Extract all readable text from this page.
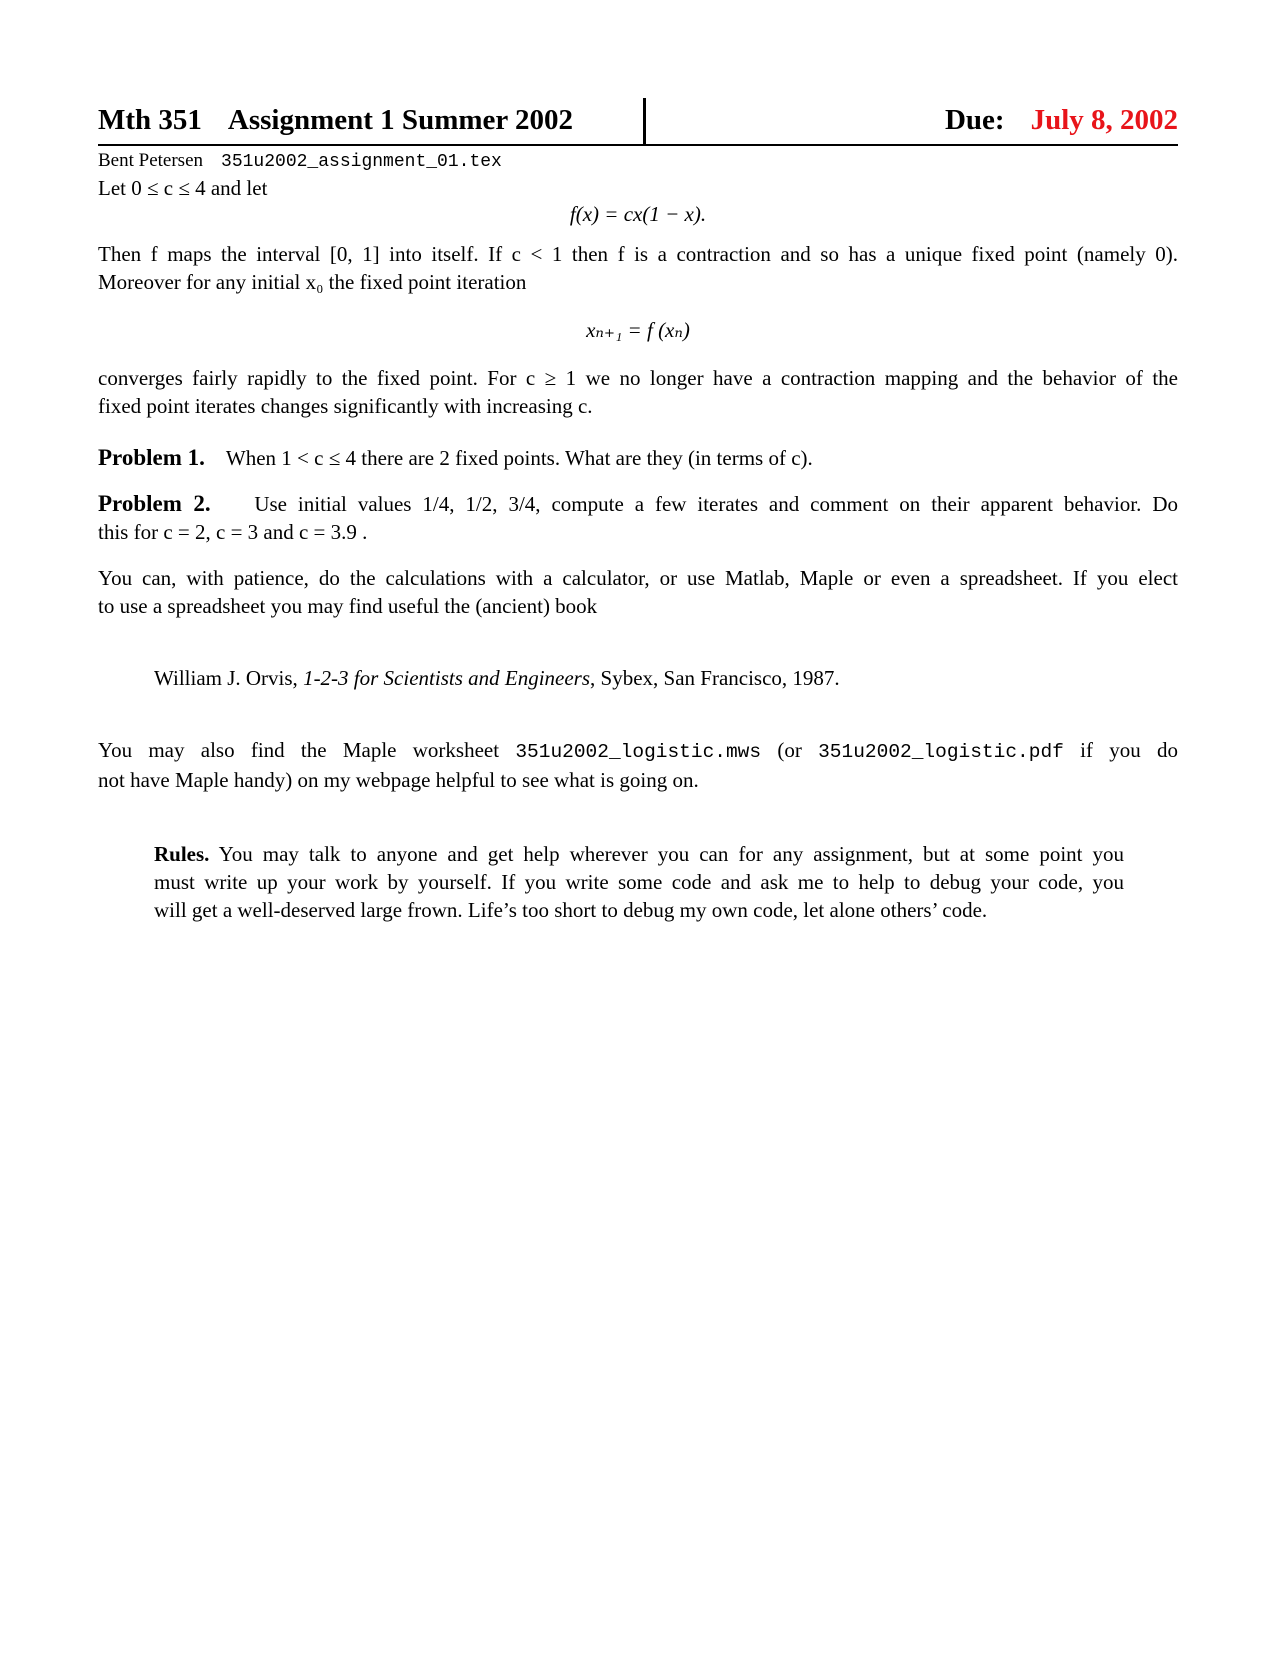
Mth 351 Assignment 1 Summer 2002	Due: July 8, 2002
Bent Petersen 351u2002_assignment_01.tex
Let 0 ≤ c ≤ 4 and let
f(x) = cx(1 − x).
Then f maps the interval [0, 1] into itself. If c < 1 then f is a contraction and so has a unique fixed point (namely 0).
Moreover for any initial x₀ the fixed point iteration
xₙ₊₁ = f (xₙ)
converges fairly rapidly to the fixed point. For c ≥ 1 we no longer have a contraction mapping and the behavior of the
fixed point iterates changes significantly with increasing c.
Problem 1. When 1 < c ≤ 4 there are 2 fixed points. What are they (in terms of c).
Problem 2. Use initial values 1/4, 1/2, 3/4, compute a few iterates and comment on their apparent behavior. Do
this for c = 2, c = 3 and c = 3.9 .
You can, with patience, do the calculations with a calculator, or use Matlab, Maple or even a spreadsheet. If you elect
to use a spreadsheet you may find useful the (ancient) book
William J. Orvis, 1-2-3 for Scientists and Engineers, Sybex, San Francisco, 1987.
You may also find the Maple worksheet 351u2002_logistic.mws (or 351u2002_logistic.pdf if you do
not have Maple handy) on my webpage helpful to see what is going on.
Rules. You may talk to anyone and get help wherever you can for any assignment, but at some point you
must write up your work by yourself. If you write some code and ask me to help to debug your code, you
will get a well-deserved large frown. Life’s too short to debug my own code, let alone others’ code.
